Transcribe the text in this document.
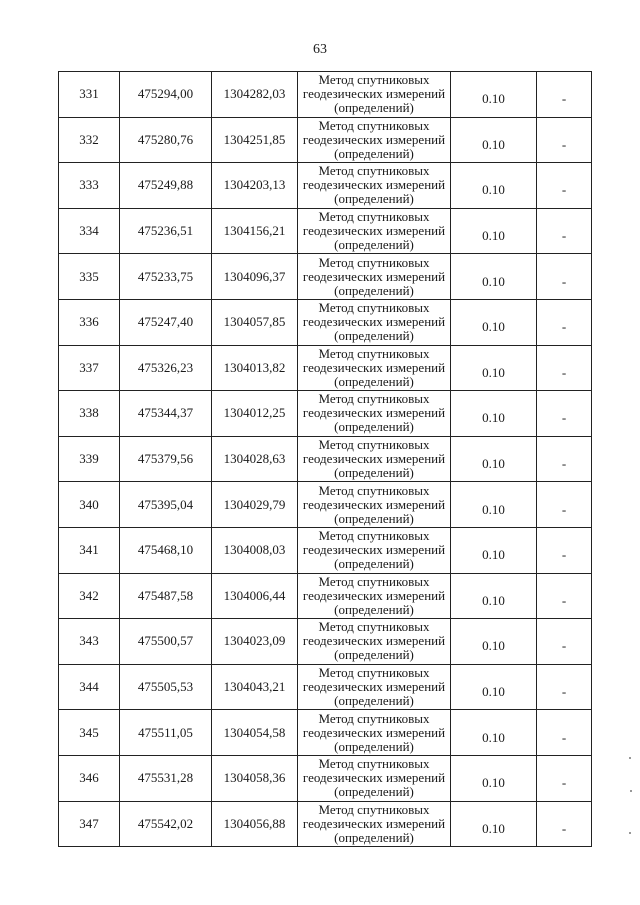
63
331	475294,00	1304282,03	Метод спутниковых
геодезических измерений
(определений)	0.10	-
332	475280,76	1304251,85	Метод спутниковых
геодезических измерений
(определений)	0.10	-
333	475249,88	1304203,13	Метод спутниковых
геодезических измерений
(определений)	0.10	-
334	475236,51	1304156,21	Метод спутниковых
геодезических измерений
(определений)	0.10	-
335	475233,75	1304096,37	Метод спутниковых
геодезических измерений
(определений)	0.10	-
336	475247,40	1304057,85	Метод спутниковых
геодезических измерений
(определений)	0.10	-
337	475326,23	1304013,82	Метод спутниковых
геодезических измерений
(определений)	0.10	-
338	475344,37	1304012,25	Метод спутниковых
геодезических измерений
(определений)	0.10	-
339	475379,56	1304028,63	Метод спутниковых
геодезических измерений
(определений)	0.10	-
340	475395,04	1304029,79	Метод спутниковых
геодезических измерений
(определений)	0.10	-
341	475468,10	1304008,03	Метод спутниковых
геодезических измерений
(определений)	0.10	-
342	475487,58	1304006,44	Метод спутниковых
геодезических измерений
(определений)	0.10	-
343	475500,57	1304023,09	Метод спутниковых
геодезических измерений
(определений)	0.10	-
344	475505,53	1304043,21	Метод спутниковых
геодезических измерений
(определений)	0.10	-
345	475511,05	1304054,58	Метод спутниковых
геодезических измерений
(определений)	0.10	-
346	475531,28	1304058,36	Метод спутниковых
геодезических измерений
(определений)	0.10	-
347	475542,02	1304056,88	Метод спутниковых
геодезических измерений
(определений)	0.10	-
